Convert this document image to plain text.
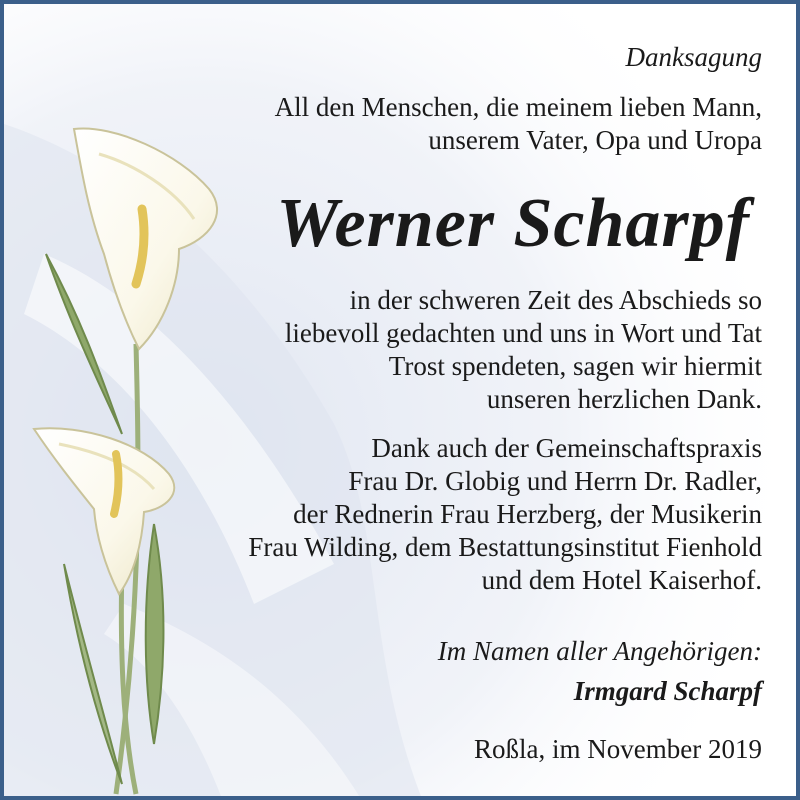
Danksagung
All den Menschen, die meinem lieben Mann,
unserem Vater, Opa und Uropa
Werner Scharpf
in der schweren Zeit des Abschieds so
liebevoll gedachten und uns in Wort und Tat
Trost spendeten, sagen wir hiermit
unseren herzlichen Dank.
Dank auch der Gemeinschaftspraxis
Frau Dr. Globig und Herrn Dr. Radler,
der Rednerin Frau Herzberg, der Musikerin
Frau Wilding, dem Bestattungsinstitut Fienhold
und dem Hotel Kaiserhof.
Im Namen aller Angehörigen:
Irmgard Scharpf
Roßla, im November 2019
